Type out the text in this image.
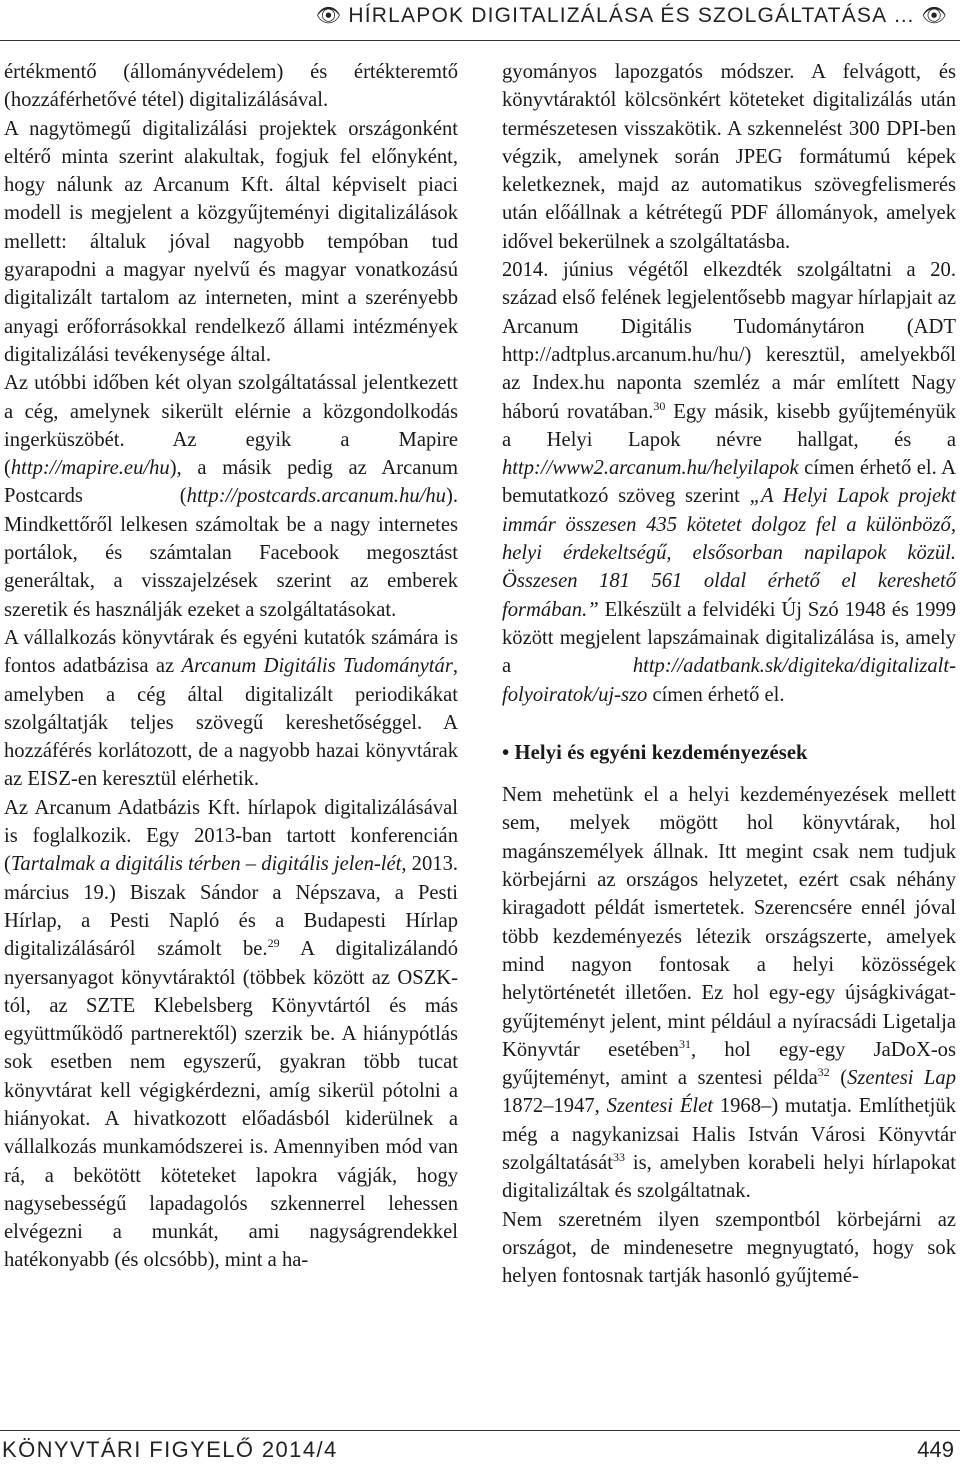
👁 HÍRLAPOK DIGITALIZÁLÁSA ÉS SZOLGÁLTATÁSA … 👁

értékmentő (állományvédelem) és értékteremtő (hozzáférhetővé tétel) digitalizálásával.

A nagytömegű digitalizálási projektek országonként eltérő minta szerint alakultak, fogjuk fel előnyként, hogy nálunk az Arcanum Kft. által képviselt piaci modell is megjelent a közgyűjteményi digitalizálások mellett: általuk jóval nagyobb tempóban tud gyarapodni a magyar nyelvű és magyar vonatkozású digitalizált tartalom az interneten, mint a szerényebb anyagi erőforrásokkal rendelkező állami intézmények digitalizálási tevékenysége által.

Az utóbbi időben két olyan szolgáltatással jelentkezett a cég, amelynek sikerült elérnie a közgondolkodás ingerküszöbét. Az egyik a Mapire (http://mapire.eu/hu), a másik pedig az Arcanum Postcards (http://postcards.arcanum.hu/hu). Mindkettőről lelkesen számoltak be a nagy internetes portálok, és számtalan Facebook megosztást generáltak, a visszajelzések szerint az emberek szeretik és használják ezeket a szolgáltatásokat.

A vállalkozás könyvtárak és egyéni kutatók számára is fontos adatbázisa az Arcanum Digitális Tudománytár, amelyben a cég által digitalizált periodikákat szolgáltatják teljes szövegű kereshetőséggel. A hozzáférés korlátozott, de a nagyobb hazai könyvtárak az EISZ-en keresztül elérhetik.

Az Arcanum Adatbázis Kft. hírlapok digitalizálásával is foglalkozik. Egy 2013-ban tartott konferencián (Tartalmak a digitális térben – digitális jelen-lét, 2013. március 19.) Biszak Sándor a Népszava, a Pesti Hírlap, a Pesti Napló és a Budapesti Hírlap digitalizálásáról számolt be.$^{29}$ A digitalizálandó nyersanyagot könyvtáraktól (többek között az OSZK-tól, az SZTE Klebelsberg Könyvtártól és más együttműködő partnerektől) szerzik be. A hiánypótlás sok esetben nem egyszerű, gyakran több tucat könyvtárat kell végigkérdezni, amíg sikerül pótolni a hiányokat. A hivatkozott előadásból kiderülnek a vállalkozás munkamódszerei is. Amennyiben mód van rá, a bekötött köteteket lapokra vágják, hogy nagysebességű lapadagolós szkennerrel lehessen elvégezni a munkát, ami nagyságrendekkel hatékonyabb (és olcsóbb), mint a ha-

gyományos lapozgatós módszer. A felvágott, és könyvtáraktól kölcsönkért köteteket digitalizálás után természetesen visszakötik. A szkennelést 300 DPI-ben végzik, amelynek során JPEG formátumú képek keletkeznek, majd az automatikus szövegfelismerés után előállnak a kétrétegű PDF állományok, amelyek idővel bekerülnek a szolgáltatásba.

2014. június végétől elkezdték szolgáltatni a 20. század első felének legjelentősebb magyar hírlapjait az Arcanum Digitális Tudománytáron (ADT http://adtplus.arcanum.hu/hu/) keresztül, amelyekből az Index.hu naponta szemléz a már említett Nagy háború rovatában.$^{30}$ Egy másik, kisebb gyűjteményük a Helyi Lapok névre hallgat, és a http://www2.arcanum.hu/helyilapok címen érhető el. A bemutatkozó szöveg szerint „A Helyi Lapok projekt immár összesen 435 kötetet dolgoz fel a különböző, helyi érdekeltségű, elsősorban napilapok közül. Összesen 181 561 oldal érhető el kereshető formában.” Elkészült a felvidéki Új Szó 1948 és 1999 között megjelent lapszámainak digitalizálása is, amely a http://adatbank.sk/digiteka/digitalizalt-folyoiratok/uj-szo címen érhető el.

• Helyi és egyéni kezdeményezések

Nem mehetünk el a helyi kezdeményezések mellett sem, melyek mögött hol könyvtárak, hol magánszemélyek állnak. Itt megint csak nem tudjuk körbejárni az országos helyzetet, ezért csak néhány kiragadott példát ismertetek. Szerencsére ennél jóval több kezdeményezés létezik országszerte, amelyek mind nagyon fontosak a helyi közösségek helytörténetét illetően. Ez hol egy-egy újságkivágat-gyűjteményt jelent, mint például a nyíracsádi Ligetalja Könyvtár esetében$^{31}$, hol egy-egy JaDoX-os gyűjteményt, amint a szentesi példa$^{32}$ (Szentesi Lap 1872–1947, Szentesi Élet 1968–) mutatja. Említhetjük még a nagykanizsai Halis István Városi Könyvtár szolgáltatását$^{33}$ is, amelyben korabeli helyi hírlapokat digitalizáltak és szolgáltatnak.

Nem szeretném ilyen szempontból körbejárni az országot, de mindenesetre megnyugtató, hogy sok helyen fontosnak tartják hasonló gyűjtemé-

KÖNYVTÁRI FIGYELŐ 2014/4	449
